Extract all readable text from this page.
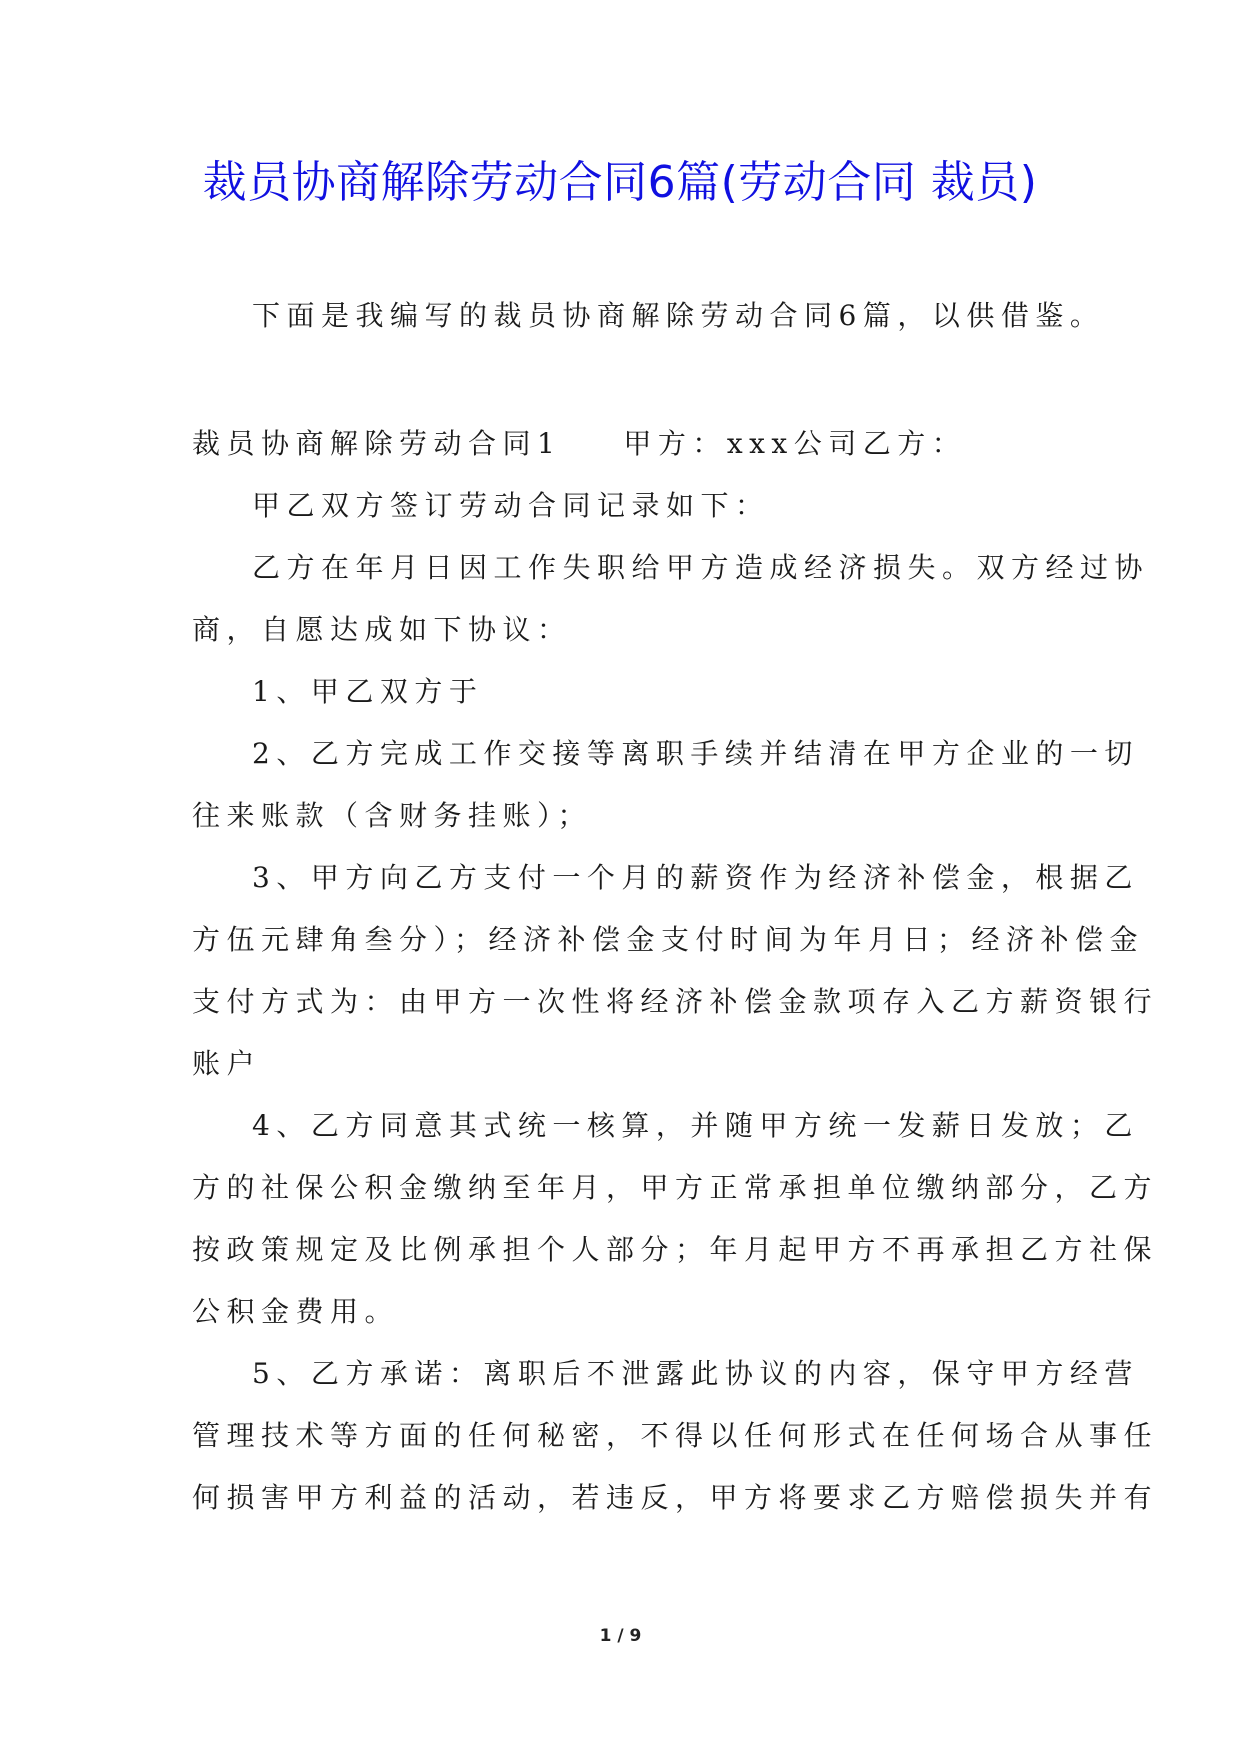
裁员协商解除劳动合同6篇(劳动合同 裁员)
下面是我编写的裁员协商解除劳动合同6篇，以供借鉴。
裁员协商解除劳动合同1 甲方：xxx公司乙方：
甲乙双方签订劳动合同记录如下：
乙方在年月日因工作失职给甲方造成经济损失。双方经过协
商，自愿达成如下协议：
1、甲乙双方于
2、乙方完成工作交接等离职手续并结清在甲方企业的一切
往来账款（含财务挂账）；
3、甲方向乙方支付一个月的薪资作为经济补偿金，根据乙
方伍元肆角叁分）；经济补偿金支付时间为年月日；经济补偿金
支付方式为：由甲方一次性将经济补偿金款项存入乙方薪资银行
账户
4、乙方同意其式统一核算，并随甲方统一发薪日发放；乙
方的社保公积金缴纳至年月，甲方正常承担单位缴纳部分，乙方
按政策规定及比例承担个人部分；年月起甲方不再承担乙方社保
公积金费用。
5、乙方承诺：离职后不泄露此协议的内容，保守甲方经营
管理技术等方面的任何秘密，不得以任何形式在任何场合从事任
何损害甲方利益的活动，若违反，甲方将要求乙方赔偿损失并有
1 / 9
